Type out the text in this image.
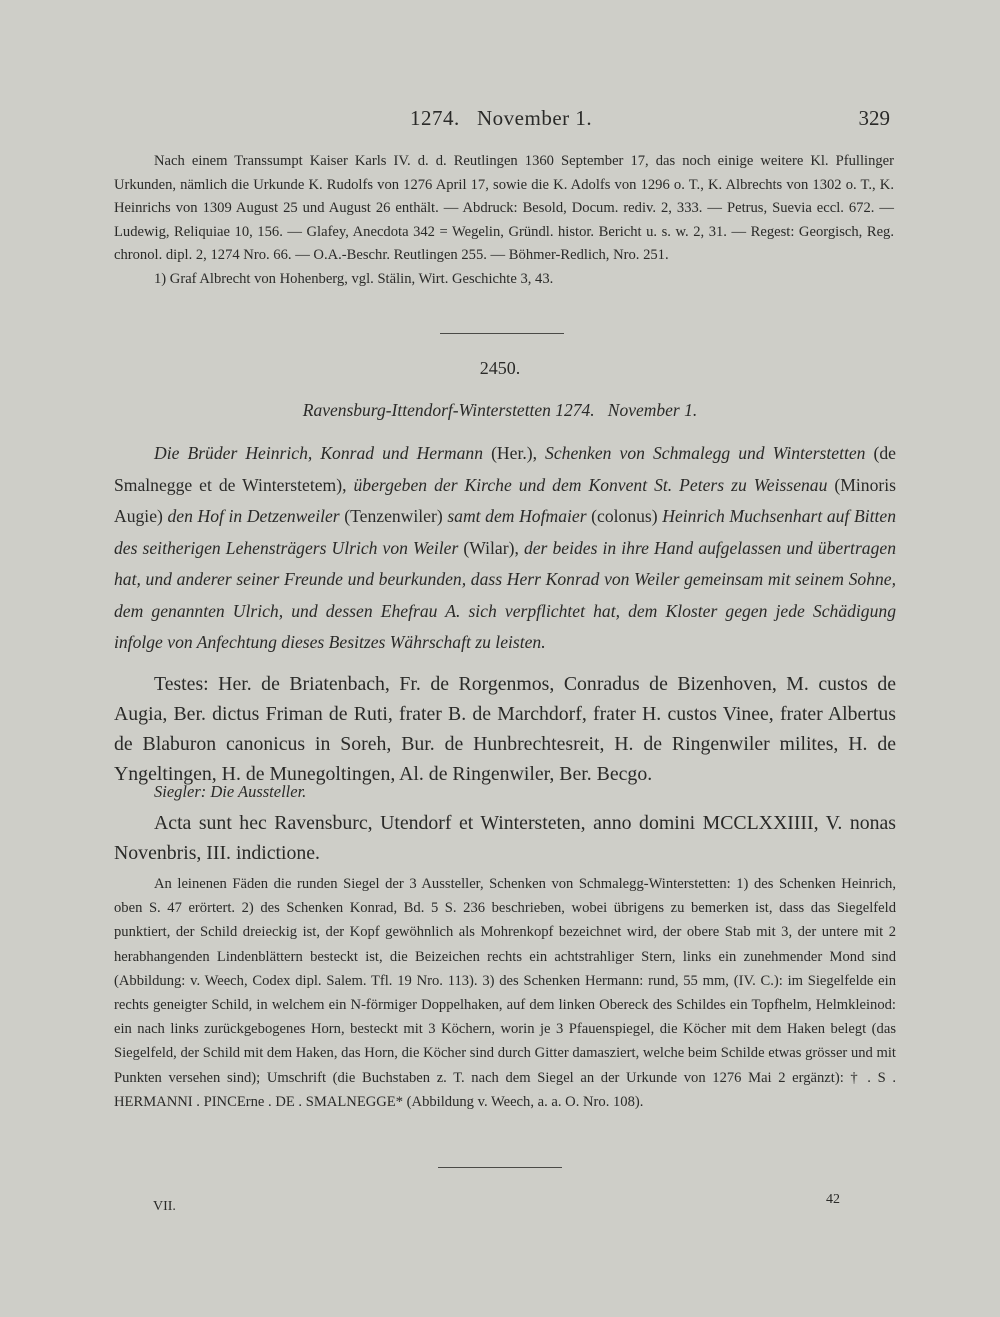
1274.   November 1.	329

Nach einem Transsumpt Kaiser Karls IV. d. d. Reutlingen 1360 September 17, das noch einige weitere Kl. Pfullinger Urkunden, nämlich die Urkunde K. Rudolfs von 1276 April 17, sowie die K. Adolfs von 1296 o. T., K. Albrechts von 1302 o. T., K. Heinrichs von 1309 August 25 und August 26 enthält. — Abdruck: Besold, Docum. rediv. 2, 333. — Petrus, Suevia eccl. 672. — Ludewig, Reliquiae 10, 156. — Glafey, Anecdota 342 = Wegelin, Gründl. histor. Bericht u. s. w. 2, 31. — Regest: Georgisch, Reg. chronol. dipl. 2, 1274 Nro. 66. — O.A.-Beschr. Reutlingen 255. — Böhmer-Redlich, Nro. 251.

1) Graf Albrecht von Hohenberg, vgl. Stälin, Wirt. Geschichte 3, 43.

2450.
Ravensburg-Ittendorf-Winterstetten 1274.   November 1.

Die Brüder Heinrich, Konrad und Hermann (Her.), Schenken von Schmalegg und Winterstetten (de Smalnegge et de Winterstetem), übergeben der Kirche und dem Konvent St. Peters zu Weissenau (Minoris Augie) den Hof in Detzenweiler (Tenzenwiler) samt dem Hofmaier (colonus) Heinrich Muchsenhart auf Bitten des seitherigen Lehensträgers Ulrich von Weiler (Wilar), der beides in ihre Hand aufgelassen und übertragen hat, und anderer seiner Freunde und beurkunden, dass Herr Konrad von Weiler gemeinsam mit seinem Sohne, dem genannten Ulrich, und dessen Ehefrau A. sich verpflichtet hat, dem Kloster gegen jede Schädigung infolge von Anfechtung dieses Besitzes Währschaft zu leisten.

Testes: Her. de Briatenbach, Fr. de Rorgenmos, Conradus de Bizenhoven, M. custos de Augia, Ber. dictus Friman de Ruti, frater B. de Marchdorf, frater H. custos Vinee, frater Albertus de Blaburon canonicus in Soreh, Bur. de Hunbrechtesreit, H. de Ringenwiler milites, H. de Yngeltingen, H. de Munegoltingen, Al. de Ringenwiler, Ber. Becgo.

Siegler: Die Aussteller.

Acta sunt hec Ravensburc, Utendorf et Wintersteten, anno domini MCCLXXIIII, V. nonas Novenbris, III. indictione.

An leinenen Fäden die runden Siegel der 3 Aussteller, Schenken von Schmalegg-Winterstetten: 1) des Schenken Heinrich, oben S. 47 erörtert. 2) des Schenken Konrad, Bd. 5 S. 236 beschrieben, wobei übrigens zu bemerken ist, dass das Siegelfeld punktiert, der Schild dreieckig ist, der Kopf gewöhnlich als Mohrenkopf bezeichnet wird, der obere Stab mit 3, der untere mit 2 herabhangenden Lindenblättern besteckt ist, die Beizeichen rechts ein achtstrahliger Stern, links ein zunehmender Mond sind (Abbildung: v. Weech, Codex dipl. Salem. Tfl. 19 Nro. 113). 3) des Schenken Hermann: rund, 55 mm, (IV. C.): im Siegelfelde ein rechts geneigter Schild, in welchem ein N-förmiger Doppelhaken, auf dem linken Obereck des Schildes ein Topfhelm, Helmkleinod: ein nach links zurückgebogenes Horn, besteckt mit 3 Köchern, worin je 3 Pfauenspiegel, die Köcher mit dem Haken belegt (das Siegelfeld, der Schild mit dem Haken, das Horn, die Köcher sind durch Gitter damasziert, welche beim Schilde etwas grösser und mit Punkten versehen sind); Umschrift (die Buchstaben z. T. nach dem Siegel an der Urkunde von 1276 Mai 2 ergänzt): † . S . HERMANNI . PINCErne . DE . SMALNEGGE* (Abbildung v. Weech, a. a. O. Nro. 108).

VII.	42
